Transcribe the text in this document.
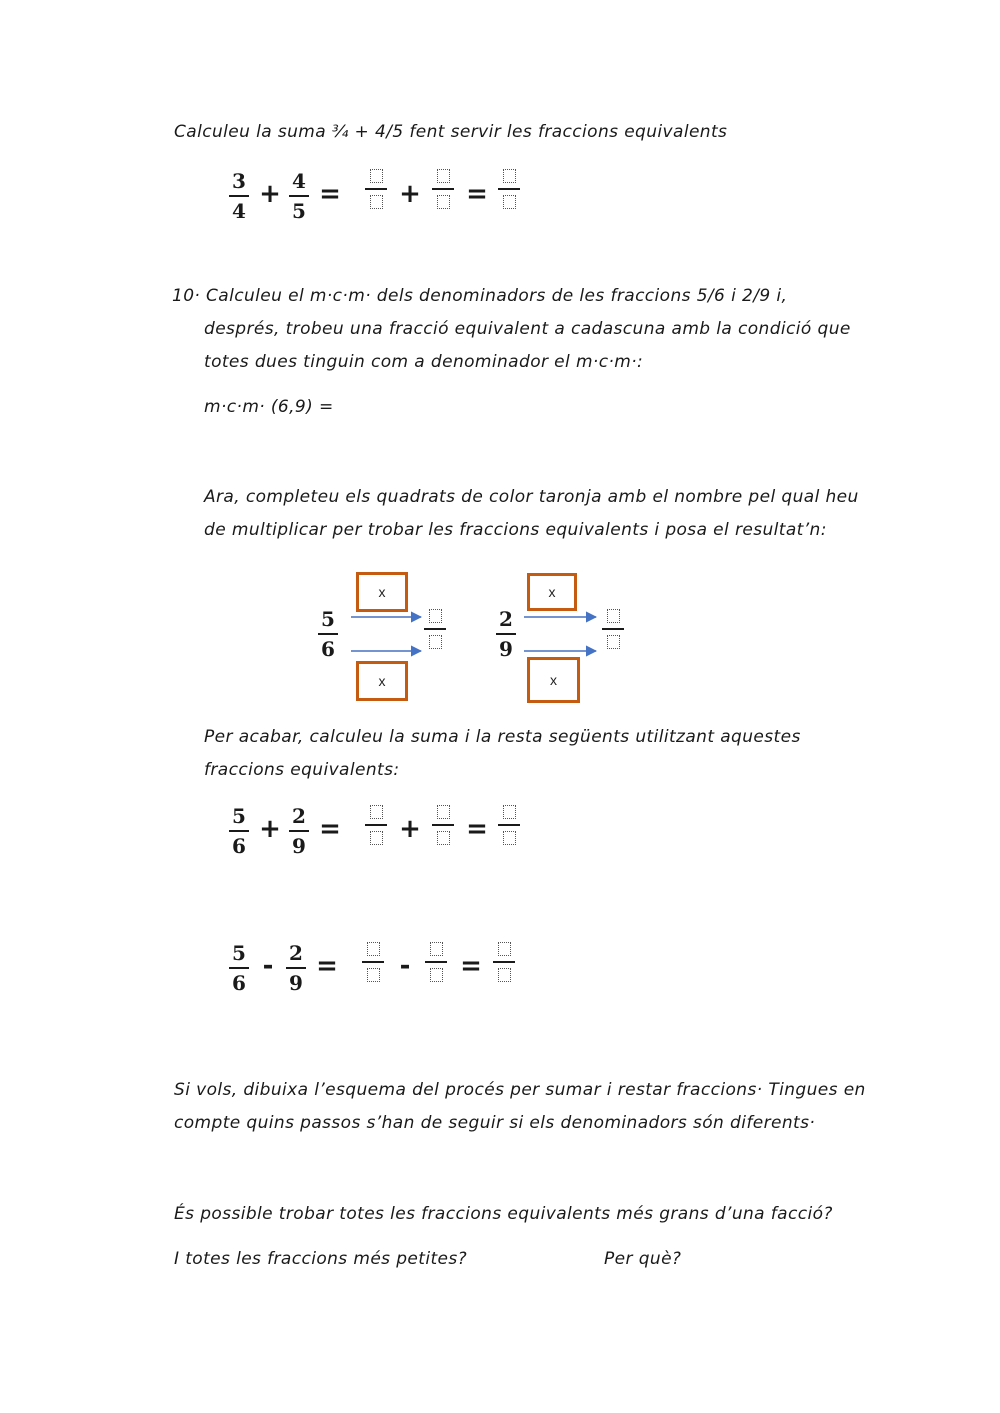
Calculeu la suma ¾ + 4/5 fent servir les fraccions equivalents
3
4
+ 4
5
= + =
10· Calculeu el m·c·m· dels denominadors de les fraccions 5/6 i 2/9 i,
després, trobeu una fracció equivalent a cadascuna amb la condició que
totes dues tinguin com a denominador el m·c·m·:
m·c·m· (6,9) =
Ara, completeu els quadrats de color taronja amb el nombre pel qual heu
de multiplicar per trobar les fraccions equivalents i posa el resultat’n:
5
6
x
x
2
9
x
x
Per acabar, calculeu la suma i la resta següents utilitzant aquestes
fraccions equivalents:
5
6
+ 2
9
= + =
5
6
- 2
9
= - =
Si vols, dibuixa l’esquema del procés per sumar i restar fraccions· Tingues en
compte quins passos s’han de seguir si els denominadors són diferents·
És possible trobar totes les fraccions equivalents més grans d’una facció?
I totes les fraccions més petites?	Per què?
